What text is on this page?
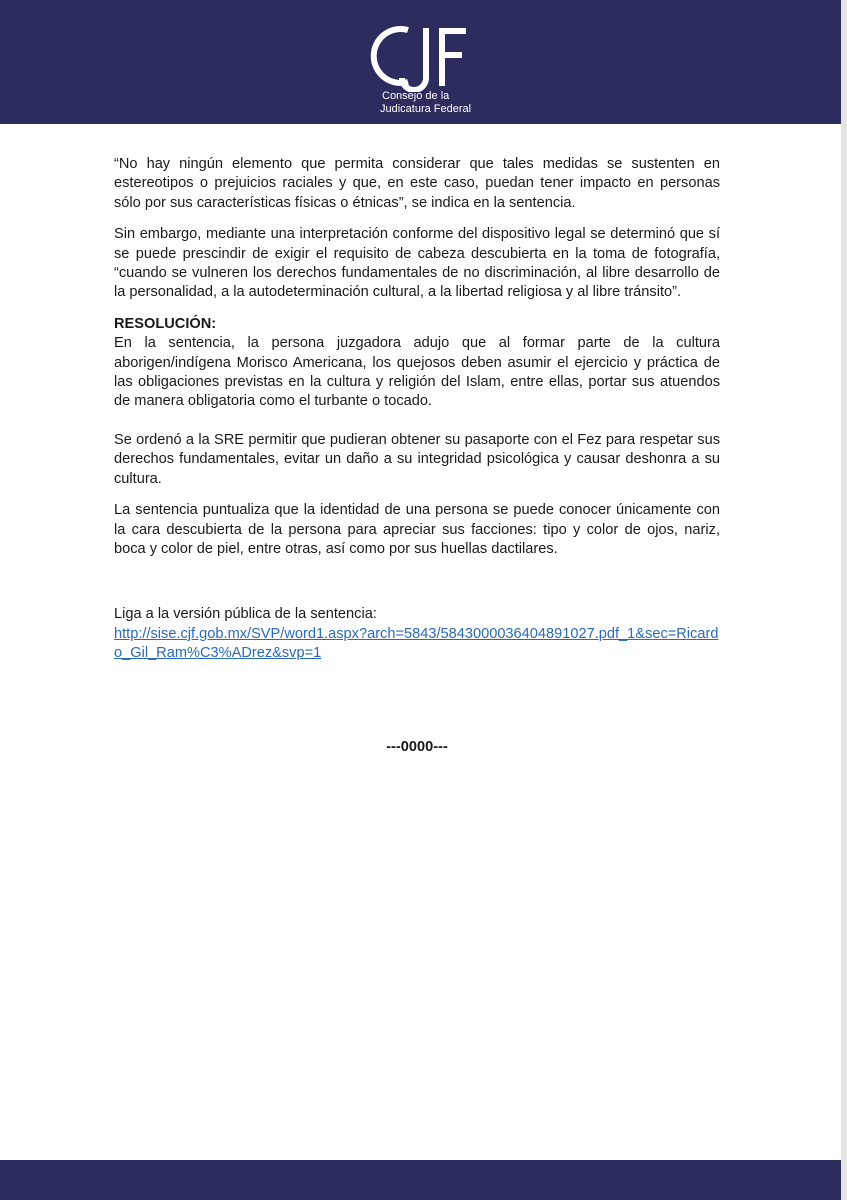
Consejo de la
Judicatura Federal

“No hay ningún elemento que permita considerar que tales medidas se sustenten en estereotipos o prejuicios raciales y que, en este caso, puedan tener impacto en personas sólo por sus características físicas o étnicas”, se indica en la sentencia.

Sin embargo, mediante una interpretación conforme del dispositivo legal se determinó que sí se puede prescindir de exigir el requisito de cabeza descubierta en la toma de fotografía, “cuando se vulneren los derechos fundamentales de no discriminación, al libre desarrollo de la personalidad, a la autodeterminación cultural, a la libertad religiosa y al libre tránsito”.

RESOLUCIÓN:

En la sentencia, la persona juzgadora adujo que al formar parte de la cultura aborigen/indígena Morisco Americana, los quejosos deben asumir el ejercicio y práctica de las obligaciones previstas en la cultura y religión del Islam, entre ellas, portar sus atuendos de manera obligatoria como el turbante o tocado.

Se ordenó a la SRE permitir que pudieran obtener su pasaporte con el Fez para respetar sus derechos fundamentales, evitar un daño a su integridad psicológica y causar deshonra a su cultura.

La sentencia puntualiza que la identidad de una persona se puede conocer únicamente con la cara descubierta de la persona para apreciar sus facciones: tipo y color de ojos, nariz, boca y color de piel, entre otras, así como por sus huellas dactilares.

Liga a la versión pública de la sentencia:

http://sise.cjf.gob.mx/SVP/word1.aspx?arch=5843/5843000036404891027.pdf_1&sec=Ricard
o_Gil_Ram%C3%ADrez&svp=1

---0000---
